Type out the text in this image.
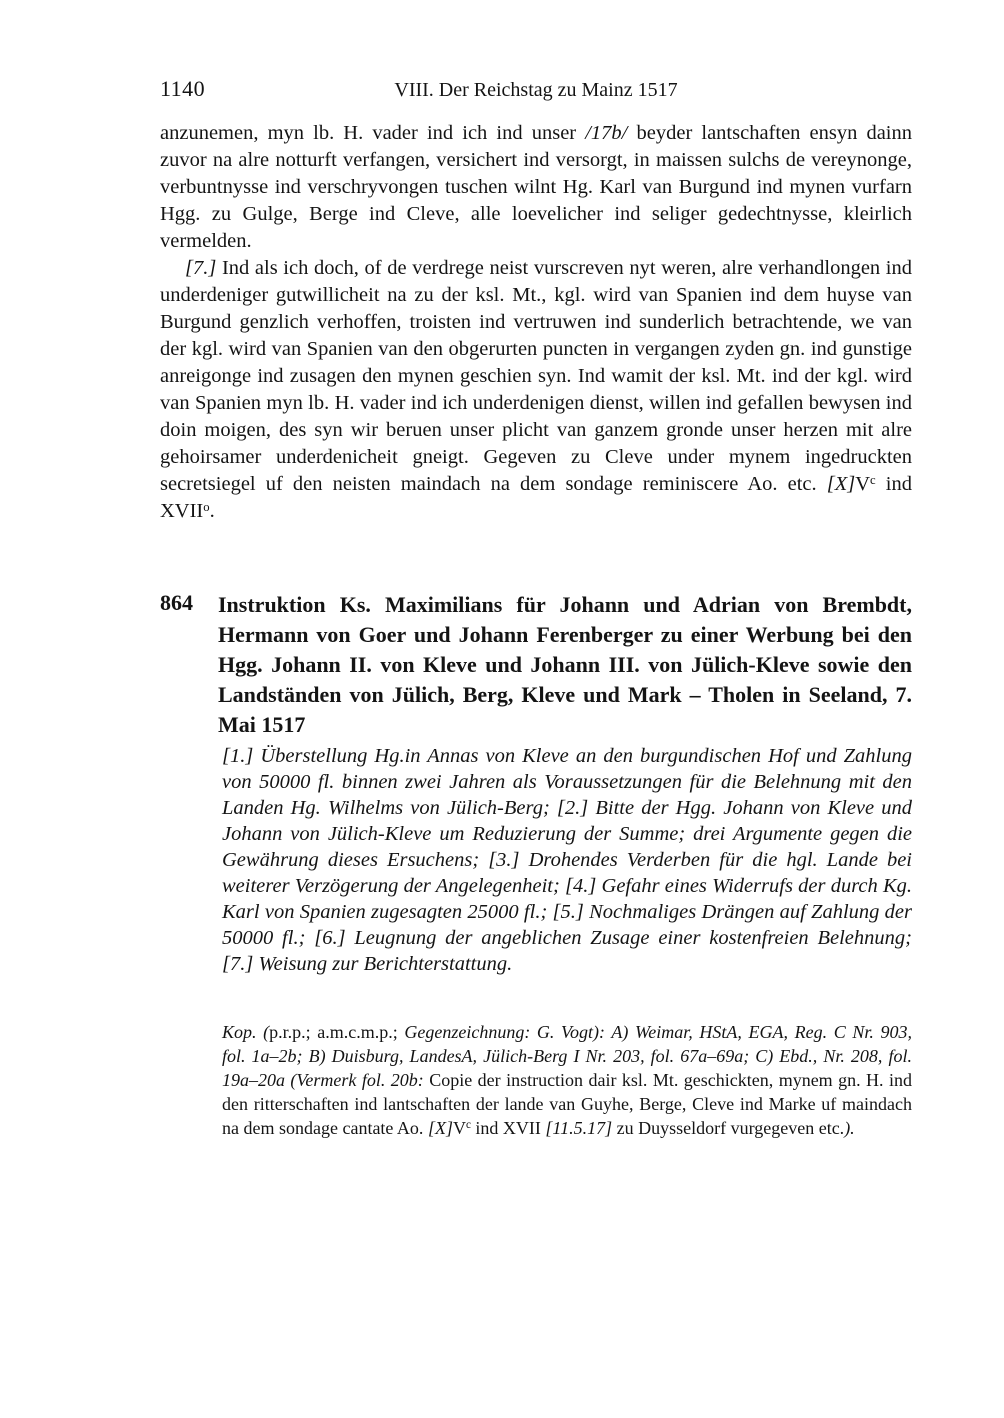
1140	VIII. Der Reichstag zu Mainz 1517

anzunemen, myn lb. H. vader ind ich ind unser /17b/ beyder lantschaften ensyn dainn zuvor na alre notturft verfangen, versichert ind versorgt, in maissen sulchs de vereynonge, verbuntnysse ind verschryvongen tuschen wilnt Hg. Karl van Burgund ind mynen vurfarn Hgg. zu Gulge, Berge ind Cleve, alle loevelicher ind seliger gedechtnysse, kleirlich vermelden.

[7.] Ind als ich doch, of de verdrege neist vurscreven nyt weren, alre verhandlongen ind underdeniger gutwillicheit na zu der ksl. Mt., kgl. wird van Spanien ind dem huyse van Burgund genzlich verhoffen, troisten ind vertruwen ind sunderlich betrachtende, we van der kgl. wird van Spanien van den obgerurten puncten in vergangen zyden gn. ind gunstige anreigonge ind zusagen den mynen geschien syn. Ind wamit der ksl. Mt. ind der kgl. wird van Spanien myn lb. H. vader ind ich underdenigen dienst, willen ind gefallen bewysen ind doin moigen, des syn wir beruen unser plicht van ganzem gronde unser herzen mit alre gehoirsamer underdenicheit gneigt. Gegeven zu Cleve under mynem ingedruckten secretsiegel uf den neisten maindach na dem sondage reminiscere Ao. etc. $[X]V^c$ ind XVII$^o$.

864 Instruktion Ks. Maximilians für Johann und Adrian von Brembdt, Hermann von Goer und Johann Ferenberger zu einer Werbung bei den Hgg. Johann II. von Kleve und Johann III. von Jülich-Kleve sowie den Landständen von Jülich, Berg, Kleve und Mark – Tholen in Seeland, 7. Mai 1517
[1.] Überstellung Hg.in Annas von Kleve an den burgundischen Hof und Zahlung von 50000 fl. binnen zwei Jahren als Voraussetzungen für die Belehnung mit den Landen Hg. Wilhelms von Jülich-Berg; [2.] Bitte der Hgg. Johann von Kleve und Johann von Jülich-Kleve um Reduzierung der Summe; drei Argumente gegen die Gewährung dieses Ersuchens; [3.] Drohendes Verderben für die hgl. Lande bei weiterer Verzögerung der Angelegenheit; [4.] Gefahr eines Widerrufs der durch Kg. Karl von Spanien zugesagten 25000 fl.; [5.] Nochmaliges Drängen auf Zahlung der 50000 fl.; [6.] Leugnung der angeblichen Zusage einer kostenfreien Belehnung; [7.] Weisung zur Berichterstattung.
Kop. (p.r.p.; a.m.c.m.p.; Gegenzeichnung: G. Vogt): A) Weimar, HStA, EGA, Reg. C Nr. 903, fol. 1a–2b; B) Duisburg, LandesA, Jülich-Berg I Nr. 203, fol. 67a–69a; C) Ebd., Nr. 208, fol. 19a–20a (Vermerk fol. 20b: Copie der instruction dair ksl. Mt. geschickten, mynem gn. H. ind den ritterschaften ind lantschaften der lande van Guyhe, Berge, Cleve ind Marke uf maindach na dem sondage cantate Ao. $[X]V^c$ ind XVII [11.5.17] zu Duysseldorf vurgegeven etc.).
